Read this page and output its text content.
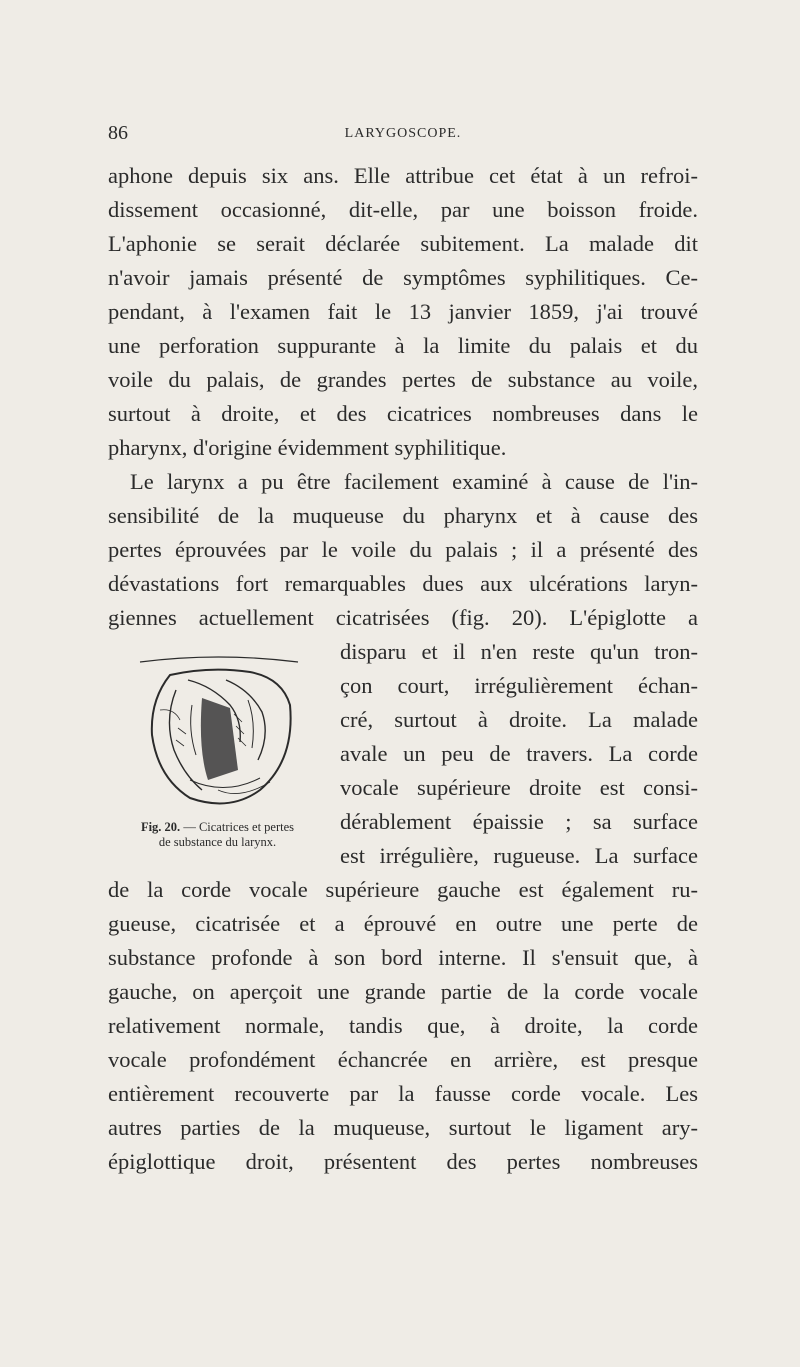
86	LARYGOSCOPE.
aphone depuis six ans. Elle attribue cet état à un refroi-
dissement occasionné, dit-elle, par une boisson froide.
L'aphonie se serait déclarée subitement. La malade dit
n'avoir jamais présenté de symptômes syphilitiques. Ce-
pendant, à l'examen fait le 13 janvier 1859, j'ai trouvé
une perforation suppurante à la limite du palais et du
voile du palais, de grandes pertes de substance au voile,
surtout à droite, et des cicatrices nombreuses dans le
pharynx, d'origine évidemment syphilitique.
Le larynx a pu être facilement examiné à cause de l'in-
sensibilité de la muqueuse du pharynx et à cause des
pertes éprouvées par le voile du palais ; il a présenté des
dévastations fort remarquables dues aux ulcérations laryn-
giennes actuellement cicatrisées (fig. 20). L'épiglotte a
disparu et il n'en reste qu'un tron-
çon court, irrégulièrement échan-
cré, surtout à droite. La malade
avale un peu de travers. La corde
vocale supérieure droite est consi-
dérablement épaissie ; sa surface
est irrégulière, rugueuse. La surface
de la corde vocale supérieure gauche est également ru-
gueuse, cicatrisée et a éprouvé en outre une perte de
substance profonde à son bord interne. Il s'ensuit que, à
gauche, on aperçoit une grande partie de la corde vocale
relativement normale, tandis que, à droite, la corde
vocale profondément échancrée en arrière, est presque
entièrement recouverte par la fausse corde vocale. Les
autres parties de la muqueuse, surtout le ligament ary-
épiglottique droit, présentent des pertes nombreuses
Fig. 20. — Cicatrices et pertes
de substance du larynx.
